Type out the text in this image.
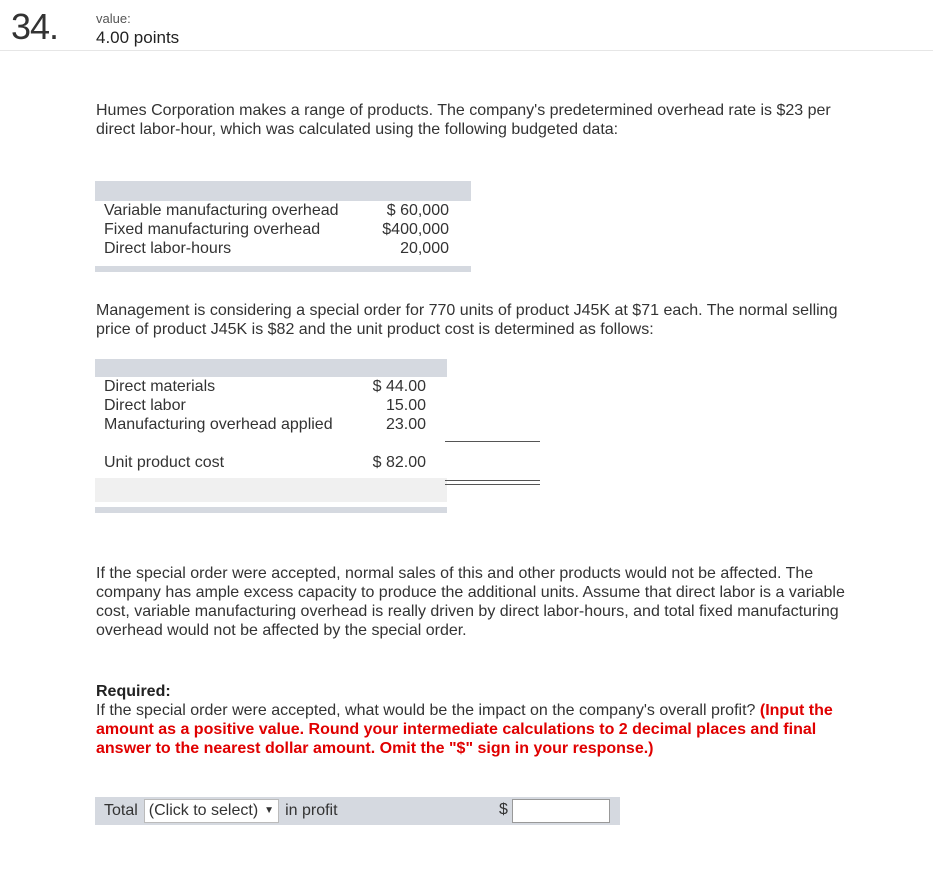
34.	value:
4.00 points
Humes Corporation makes a range of products. The company's predetermined overhead rate is $23 per direct labor-hour, which was calculated using the following budgeted data:
Variable manufacturing overhead	$ 60,000
Fixed manufacturing overhead	$400,000
Direct labor-hours	20,000
Management is considering a special order for 770 units of product J45K at $71 each. The normal selling price of product J45K is $82 and the unit product cost is determined as follows:
Direct materials	$ 44.00
Direct labor	15.00
Manufacturing overhead applied	23.00
Unit product cost	$ 82.00
If the special order were accepted, normal sales of this and other products would not be affected. The company has ample excess capacity to produce the additional units. Assume that direct labor is a variable cost, variable manufacturing overhead is really driven by direct labor-hours, and total fixed manufacturing overhead would not be affected by the special order.
Required:
If the special order were accepted, what would be the impact on the company's overall profit? (Input the amount as a positive value. Round your intermediate calculations to 2 decimal places and final answer to the nearest dollar amount. Omit the "$" sign in your response.)
Total (Click to select) ▼ in profit	$
